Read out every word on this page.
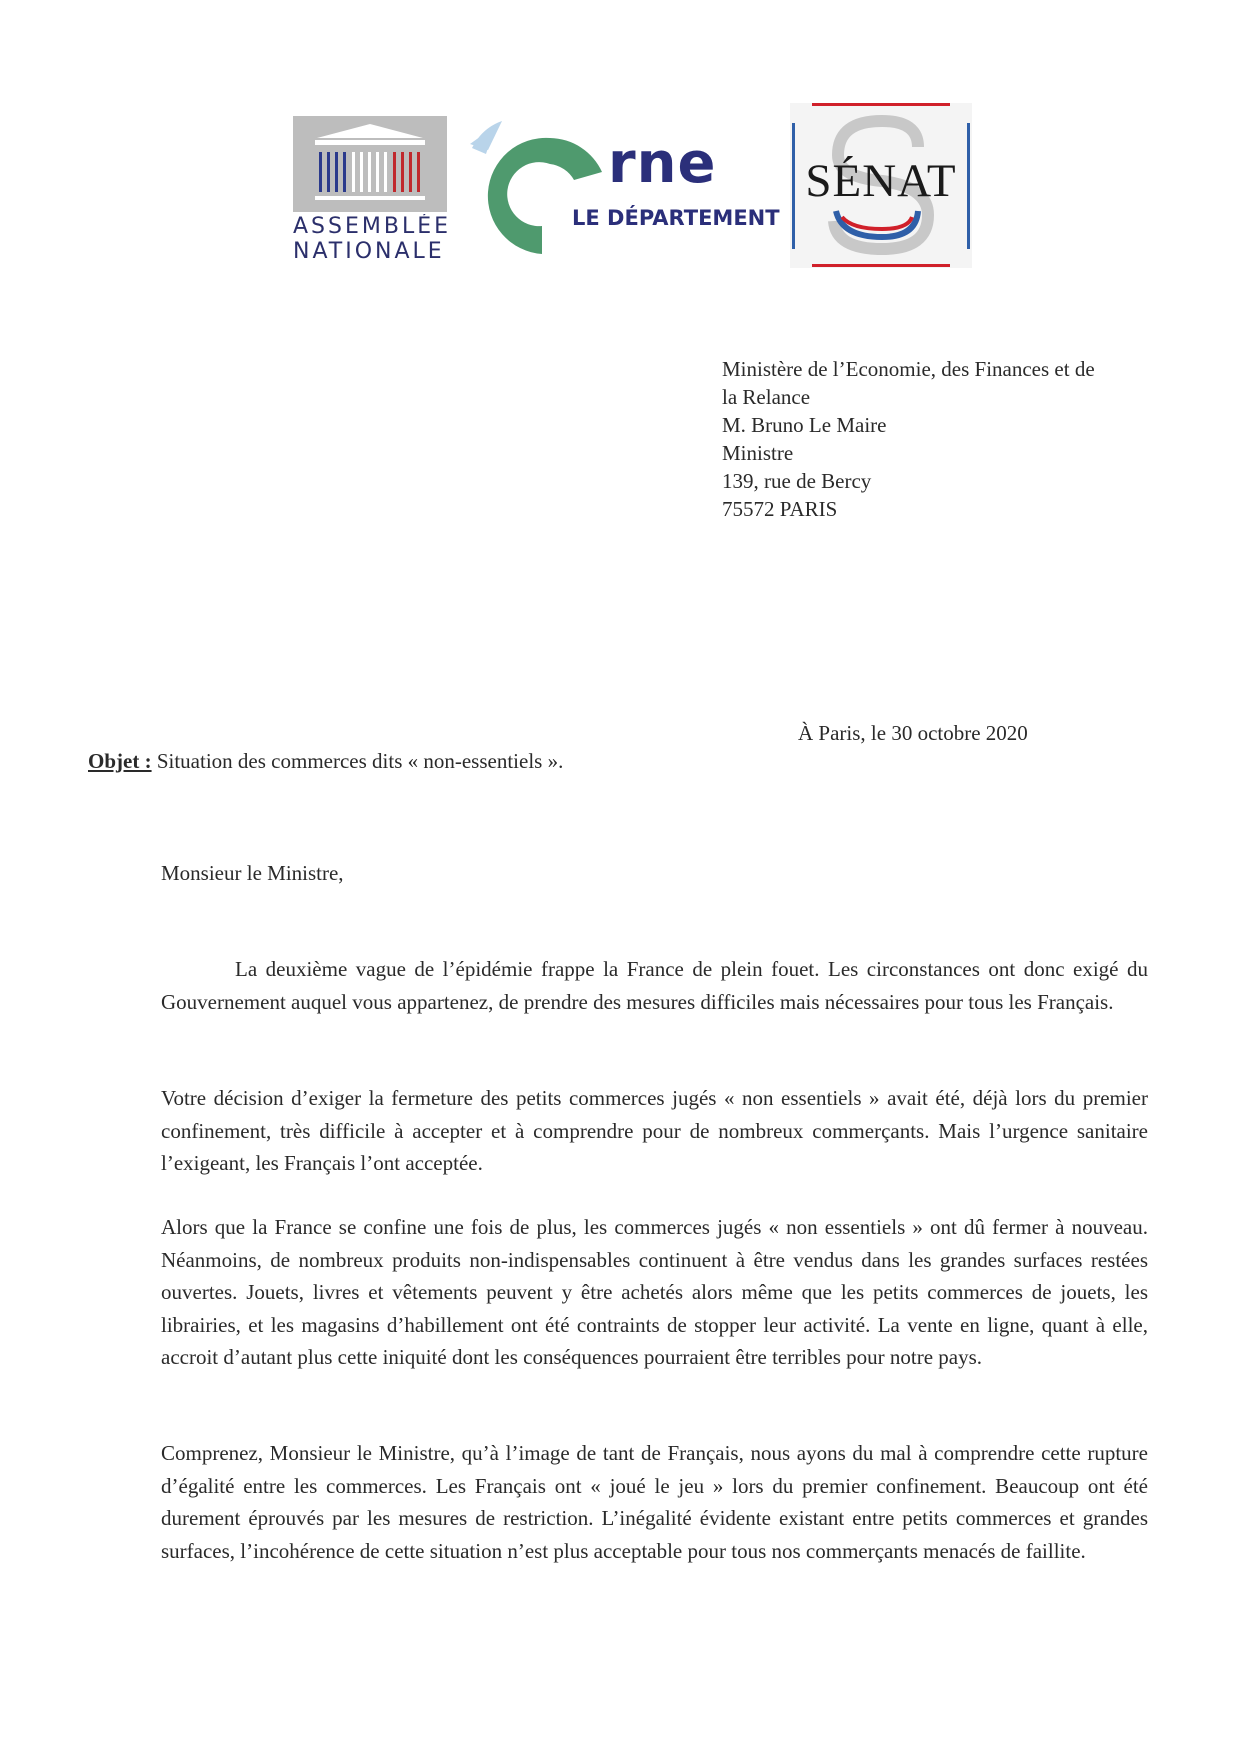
ASSEMBLÉE
NATIONALE
rne
LE DÉPARTEMENT
SÉNAT
Ministère de l’Economie, des Finances et de
la Relance
M. Bruno Le Maire
Ministre
139, rue de Bercy
75572 PARIS
À Paris, le 30 octobre 2020
Objet : Situation des commerces dits « non-essentiels ».
Monsieur le Ministre,

La deuxième vague de l’épidémie frappe la France de plein fouet. Les circonstances ont donc exigé du Gouvernement auquel vous appartenez, de prendre des mesures difficiles mais nécessaires pour tous les Français.

Votre décision d’exiger la fermeture des petits commerces jugés « non essentiels » avait été, déjà lors du premier confinement, très difficile à accepter et à comprendre pour de nombreux commerçants. Mais l’urgence sanitaire l’exigeant, les Français l’ont acceptée.

Alors que la France se confine une fois de plus, les commerces jugés « non essentiels » ont dû fermer à nouveau. Néanmoins, de nombreux produits non-indispensables continuent à être vendus dans les grandes surfaces restées ouvertes. Jouets, livres et vêtements peuvent y être achetés alors même que les petits commerces de jouets, les librairies, et les magasins d’habillement ont été contraints de stopper leur activité. La vente en ligne, quant à elle, accroit d’autant plus cette iniquité dont les conséquences pourraient être terribles pour notre pays.

Comprenez, Monsieur le Ministre, qu’à l’image de tant de Français, nous ayons du mal à comprendre cette rupture d’égalité entre les commerces. Les Français ont « joué le jeu » lors du premier confinement. Beaucoup ont été durement éprouvés par les mesures de restriction. L’inégalité évidente existant entre petits commerces et grandes surfaces, l’incohérence de cette situation n’est plus acceptable pour tous nos commerçants menacés de faillite.
